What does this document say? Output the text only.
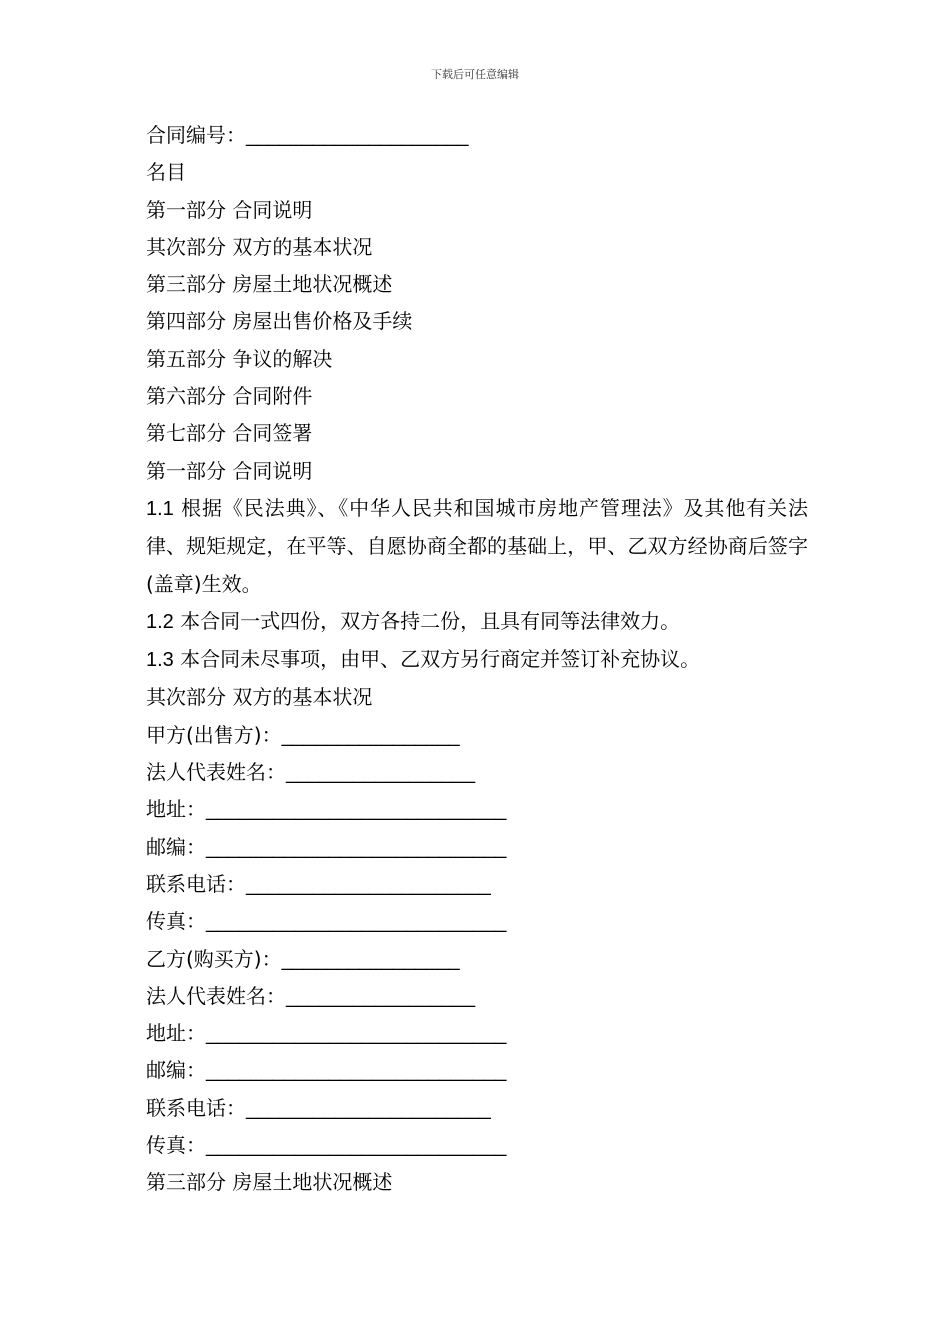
下载后可任意编辑
合同编号：____________________
名目
第一部分 合同说明
其次部分 双方的基本状况
第三部分 房屋土地状况概述
第四部分 房屋出售价格及手续
第五部分 争议的解决
第六部分 合同附件
第七部分 合同签署
第一部分 合同说明
1.1 根据《民法典》、《中华人民共和国城市房地产管理法》及其他有关法律、规矩规定，在平等、自愿协商全都的基础上，甲、乙双方经协商后签字(盖章)生效。
1.2 本合同一式四份，双方各持二份，且具有同等法律效力。
1.3 本合同未尽事项，由甲、乙双方另行商定并签订补充协议。
其次部分 双方的基本状况
甲方(出售方)：________________
法人代表姓名：_________________
地址：___________________________
邮编：___________________________
联系电话：______________________
传真：___________________________
乙方(购买方)：________________
法人代表姓名：_________________
地址：___________________________
邮编：___________________________
联系电话：______________________
传真：___________________________
第三部分 房屋土地状况概述
